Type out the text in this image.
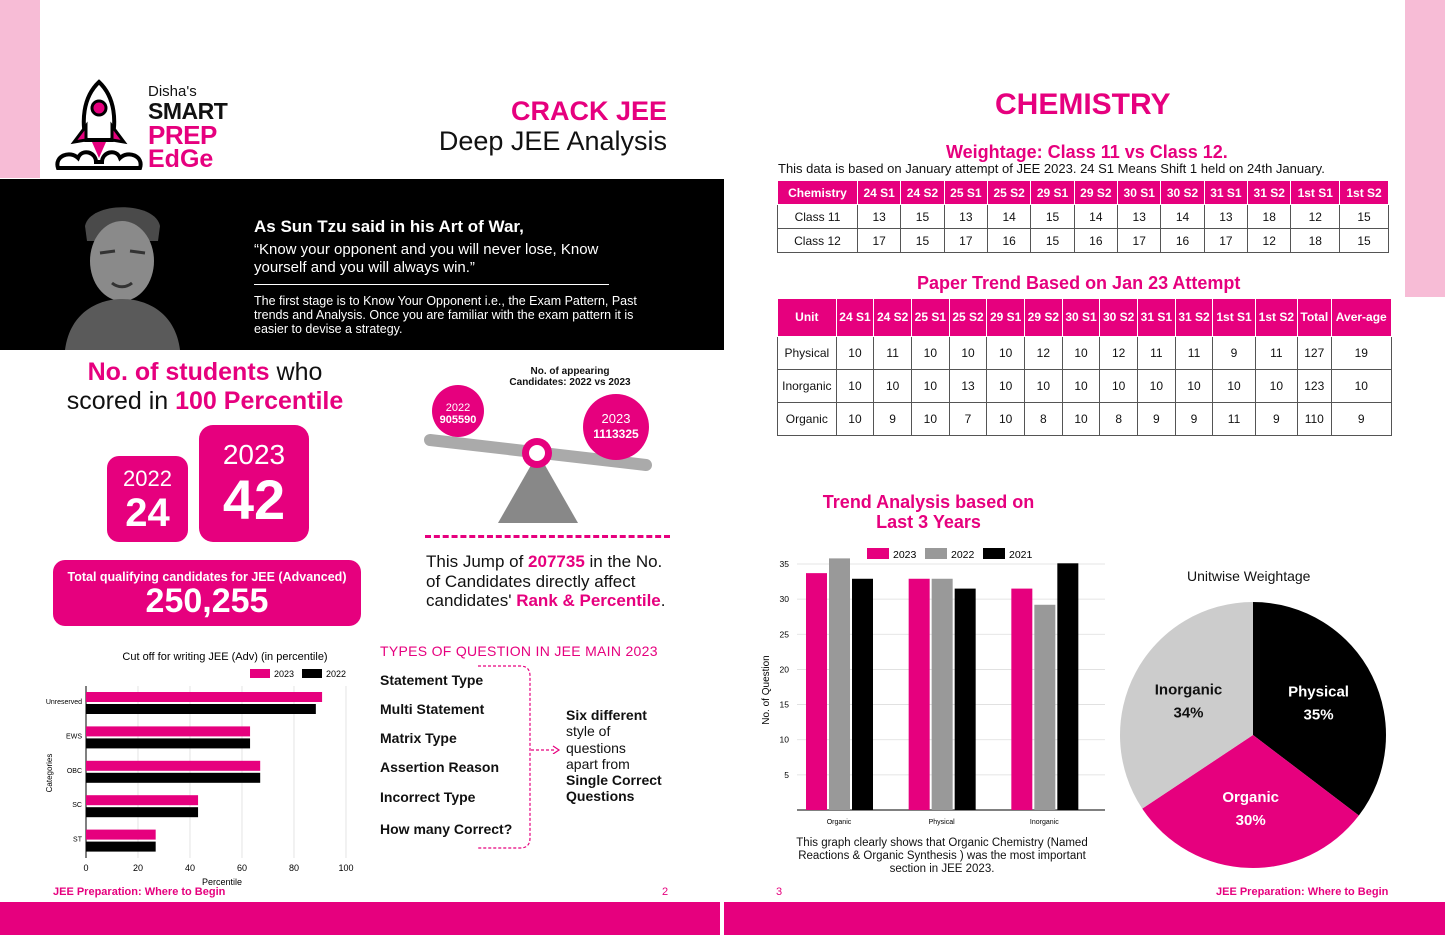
Disha's
SMART
PREP
EdGe
CRACK JEE
Deep JEE Analysis
As Sun Tzu said in his Art of War,
“Know your opponent and you will never lose, Know yourself and you will always win.”
The first stage is to Know Your Opponent i.e., the Exam Pattern, Past trends and Analysis. Once you are familiar with the exam pattern it is easier to devise a strategy.
No. of students who
scored in 100 Percentile
2022
24
2023
42
Total qualifying candidates for JEE (Advanced)
250,255
No. of appearing
Candidates: 2022 vs 2023
2022
905590	2023
1113325
This Jump of 207735 in the No. of Candidates directly affect candidates' Rank & Percentile.
Cut off for writing JEE (Adv) (in percentile)
2023	2022
0	20	40	60	80	100
Percentile
Categories
Unreserved
EWS
OBC
SC
ST
TYPES OF QUESTION IN JEE MAIN 2023
Statement Type
Multi Statement
Matrix Type
Assertion Reason
Incorrect Type
How many Correct?
Six different
style of
questions
apart from
Single Correct
Questions
JEE Preparation: Where to Begin	2	3	JEE Preparation: Where to Begin
CHEMISTRY
Weightage: Class 11 vs Class 12.
This data is based on January attempt of JEE 2023. 24 S1 Means Shift 1 held on 24th January.
Chemistry	24 S1	24 S2	25 S1	25 S2	29 S1	29 S2	30 S1	30 S2	31 S1	31 S2	1st S1	1st S2
Class 11	13	15	13	14	15	14	13	14	13	18	12	15
Class 12	17	15	17	16	15	16	17	16	17	12	18	15
Paper Trend Based on Jan 23 Attempt
Unit	24 S1	24 S2	25 S1	25 S2	29 S1	29 S2	30 S1	30 S2	31 S1	31 S2	1st S1	1st S2	Total	Aver-age
Physical	10	11	10	10	10	12	10	12	11	11	9	11	127	19
Inorganic	10	10	10	13	10	10	10	10	10	10	10	10	123	10
Organic	10	9	10	7	10	8	10	8	9	9	11	9	110	9
Trend Analysis based on
Last 3 Years
2023	2022	2021
5
10
15
20
25
30
35
No. of Question
Organic	Physical	Inorganic
This graph clearly shows that Organic Chemistry (Named Reactions & Organic Synthesis ) was the most important section in JEE 2023.
Unitwise Weightage
Physical
35%
Organic
30%
Inorganic
34%
